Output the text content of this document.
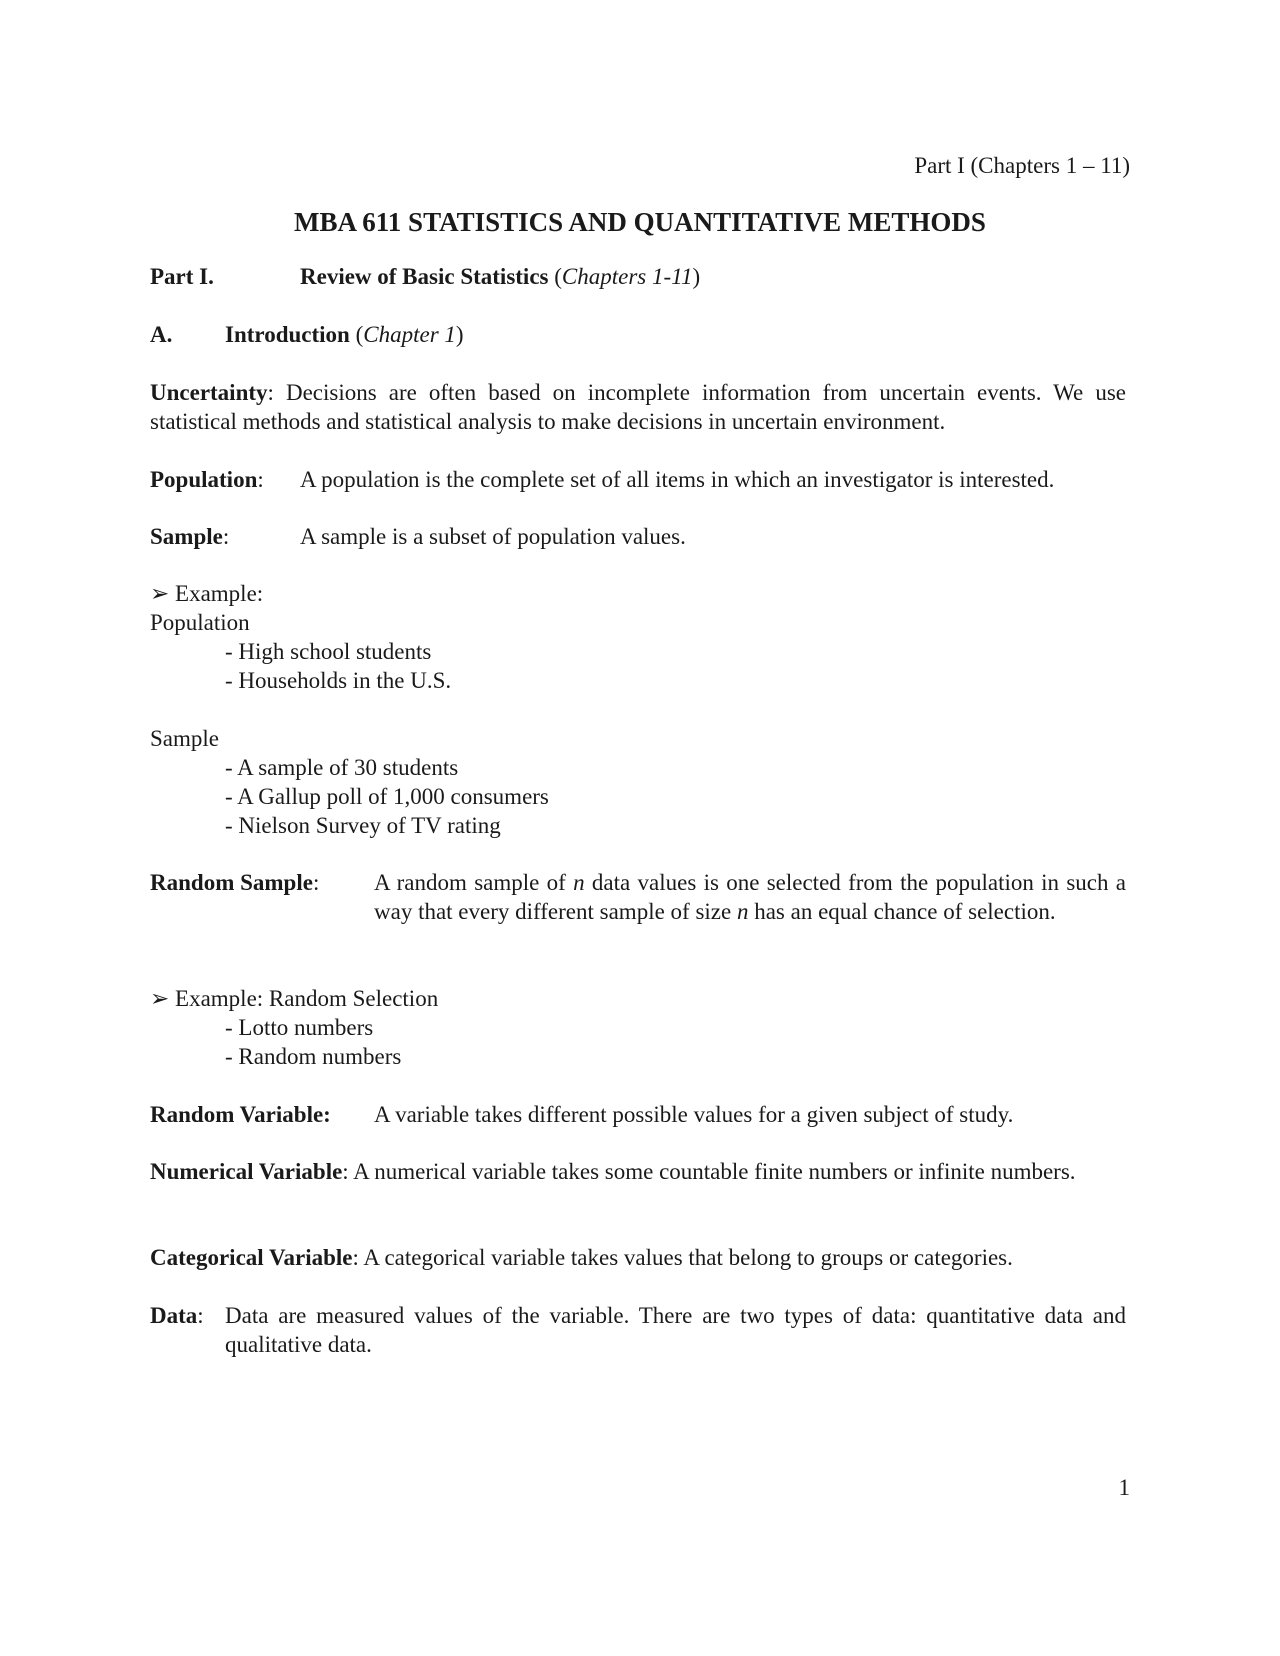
Part I (Chapters 1 – 11)
MBA 611 STATISTICS AND QUANTITATIVE METHODS
Part I.	Review of Basic Statistics (Chapters 1-11)
A. Introduction (Chapter 1)

Uncertainty: Decisions are often based on incomplete information from uncertain events. We use statistical methods and statistical analysis to make decisions in uncertain environment.

Population: A population is the complete set of all items in which an investigator is interested.
Sample:	A sample is a subset of population values.
➢ Example:
Population
- High school students
- Households in the U.S.
Sample
- A sample of 30 students
- A Gallup poll of 1,000 consumers
- Nielson Survey of TV rating
Random Sample: A random sample of n data values is one selected from the population in such a way that every different sample of size n has an equal chance of selection.

➢ Example: Random Selection
- Lotto numbers
- Random numbers
Random Variable: A variable takes different possible values for a given subject of study.

Numerical Variable: A numerical variable takes some countable finite numbers or infinite numbers.

Categorical Variable: A categorical variable takes values that belong to groups or categories.

Data: Data are measured values of the variable. There are two types of data: quantitative data and qualitative data.

1
